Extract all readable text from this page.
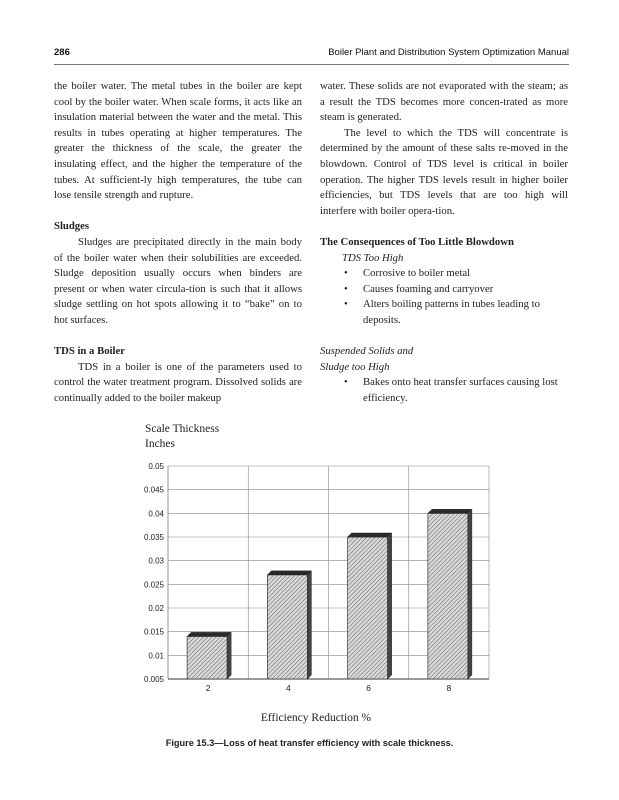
286	Boiler Plant and Distribution System Optimization Manual

the boiler water. The metal tubes in the boiler are kept cool by the boiler water. When scale forms, it acts like an insulation material between the water and the metal. This results in tubes operating at higher temperatures. The greater the thickness of the scale, the greater the insulating effect, and the higher the temperature of the tubes. At sufficient-ly high temperatures, the tube can lose tensile strength and rupture.

Sludges

Sludges are precipitated directly in the main body of the boiler water when their solubilities are exceeded. Sludge deposition usually occurs when binders are present or when water circula-tion is such that it allows sludge settling on hot spots allowing it to “bake” on to hot surfaces.

TDS in a Boiler

TDS in a boiler is one of the parameters used to control the water treatment program. Dissolved solids are continually added to the boiler makeup

water. These solids are not evaporated with the steam; as a result the TDS becomes more concen-trated as more steam is generated.

The level to which the TDS will concentrate is determined by the amount of these salts re-moved in the blowdown. Control of TDS level is critical in boiler operation. The higher TDS levels result in higher boiler efficiencies, but TDS levels that are too high will interfere with boiler opera-tion.

The Consequences of Too Little Blowdown

TDS Too High

• Corrosive to boiler metal
• Causes foaming and carryover
• Alters boiling patterns in tubes leading to deposits.

Suspended Solids and

Sludge too High

• Bakes onto heat transfer surfaces causing lost efficiency.
Scale Thickness
Inches
0.05
0.045
0.04
0.035
0.03
0.025
0.02
0.015
0.01
0.005
2	4	6	8
Efficiency Reduction %
Figure 15.3—Loss of heat transfer efficiency with scale thickness.
